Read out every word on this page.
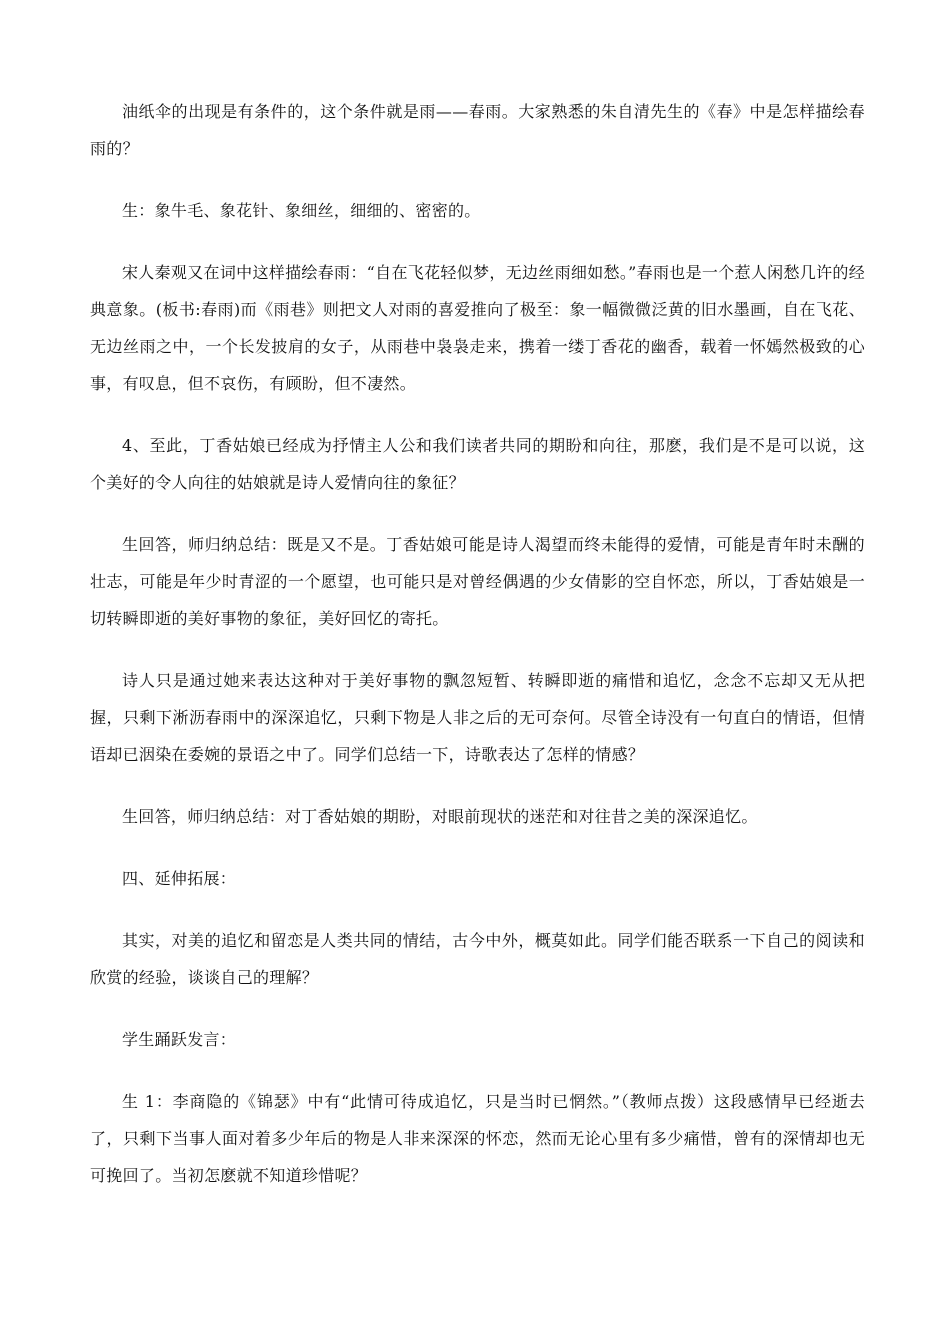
油纸伞的出现是有条件的，这个条件就是雨——春雨。大家熟悉的朱自清先生的《春》中是怎样描绘春雨的？

生：象牛毛、象花针、象细丝，细细的、密密的。

宋人秦观又在词中这样描绘春雨：“自在飞花轻似梦，无边丝雨细如愁。”春雨也是一个惹人闲愁几许的经典意象。(板书:春雨)而《雨巷》则把文人对雨的喜爱推向了极至：象一幅微微泛黄的旧水墨画，自在飞花、无边丝雨之中，一个长发披肩的女子，从雨巷中袅袅走来，携着一缕丁香花的幽香，载着一怀嫣然极致的心事，有叹息，但不哀伤，有顾盼，但不凄然。

4、至此，丁香姑娘已经成为抒情主人公和我们读者共同的期盼和向往，那麽，我们是不是可以说，这个美好的令人向往的姑娘就是诗人爱情向往的象征？

生回答，师归纳总结：既是又不是。丁香姑娘可能是诗人渴望而终未能得的爱情，可能是青年时未酬的壮志，可能是年少时青涩的一个愿望，也可能只是对曾经偶遇的少女倩影的空自怀恋，所以，丁香姑娘是一切转瞬即逝的美好事物的象征，美好回忆的寄托。

诗人只是通过她来表达这种对于美好事物的飘忽短暂、转瞬即逝的痛惜和追忆，念念不忘却又无从把握，只剩下淅沥春雨中的深深追忆，只剩下物是人非之后的无可奈何。尽管全诗没有一句直白的情语，但情语却已洇染在委婉的景语之中了。同学们总结一下，诗歌表达了怎样的情感？

生回答，师归纳总结：对丁香姑娘的期盼，对眼前现状的迷茫和对往昔之美的深深追忆。

四、延伸拓展：

其实，对美的追忆和留恋是人类共同的情结，古今中外，概莫如此。同学们能否联系一下自己的阅读和欣赏的经验，谈谈自己的理解？

学生踊跃发言：

生 1：李商隐的《锦瑟》中有“此情可待成追忆，只是当时已惘然。”（教师点拨）这段感情早已经逝去了，只剩下当事人面对着多少年后的物是人非来深深的怀恋，然而无论心里有多少痛惜，曾有的深情却也无可挽回了。当初怎麽就不知道珍惜呢？
